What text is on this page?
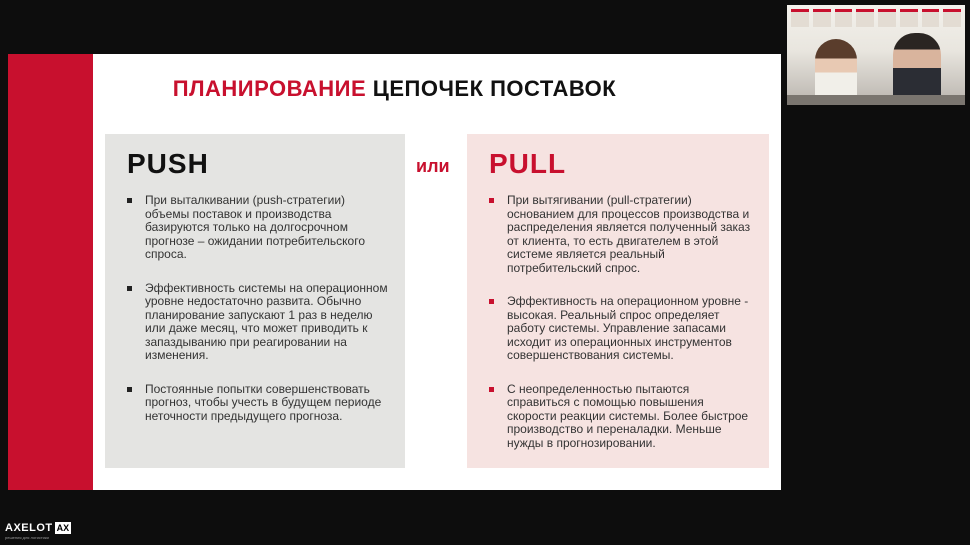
ПЛАНИРОВАНИЕ ЦЕПОЧЕК ПОСТАВОК
PUSH
При выталкивании (push-стратегии) объемы поставок и производства базируются только на долгосрочном прогнозе – ожидании потребительского спроса.
Эффективность системы на операционном уровне недостаточно развита. Обычно планирование запускают 1 раз в неделю или даже месяц, что может приводить к запаздыванию при реагировании на изменения.
Постоянные попытки совершенствовать прогноз, чтобы учесть в будущем периоде неточности предыдущего прогноза.
или PULL
При вытягивании (pull-стратегии) основанием для процессов производства и распределения является полученный заказ от клиента, то есть двигателем в этой системе является реальный потребительский спрос.
Эффективность на операционном уровне - высокая. Реальный спрос определяет работу системы. Управление запасами исходит из операционных инструментов совершенствования системы.
С неопределенностью пытаются справиться с помощью повышения скорости реакции системы. Более быстрое производство и переналадки. Меньше нужды в прогнозировании.
AXELOT AX
решения для логистики
